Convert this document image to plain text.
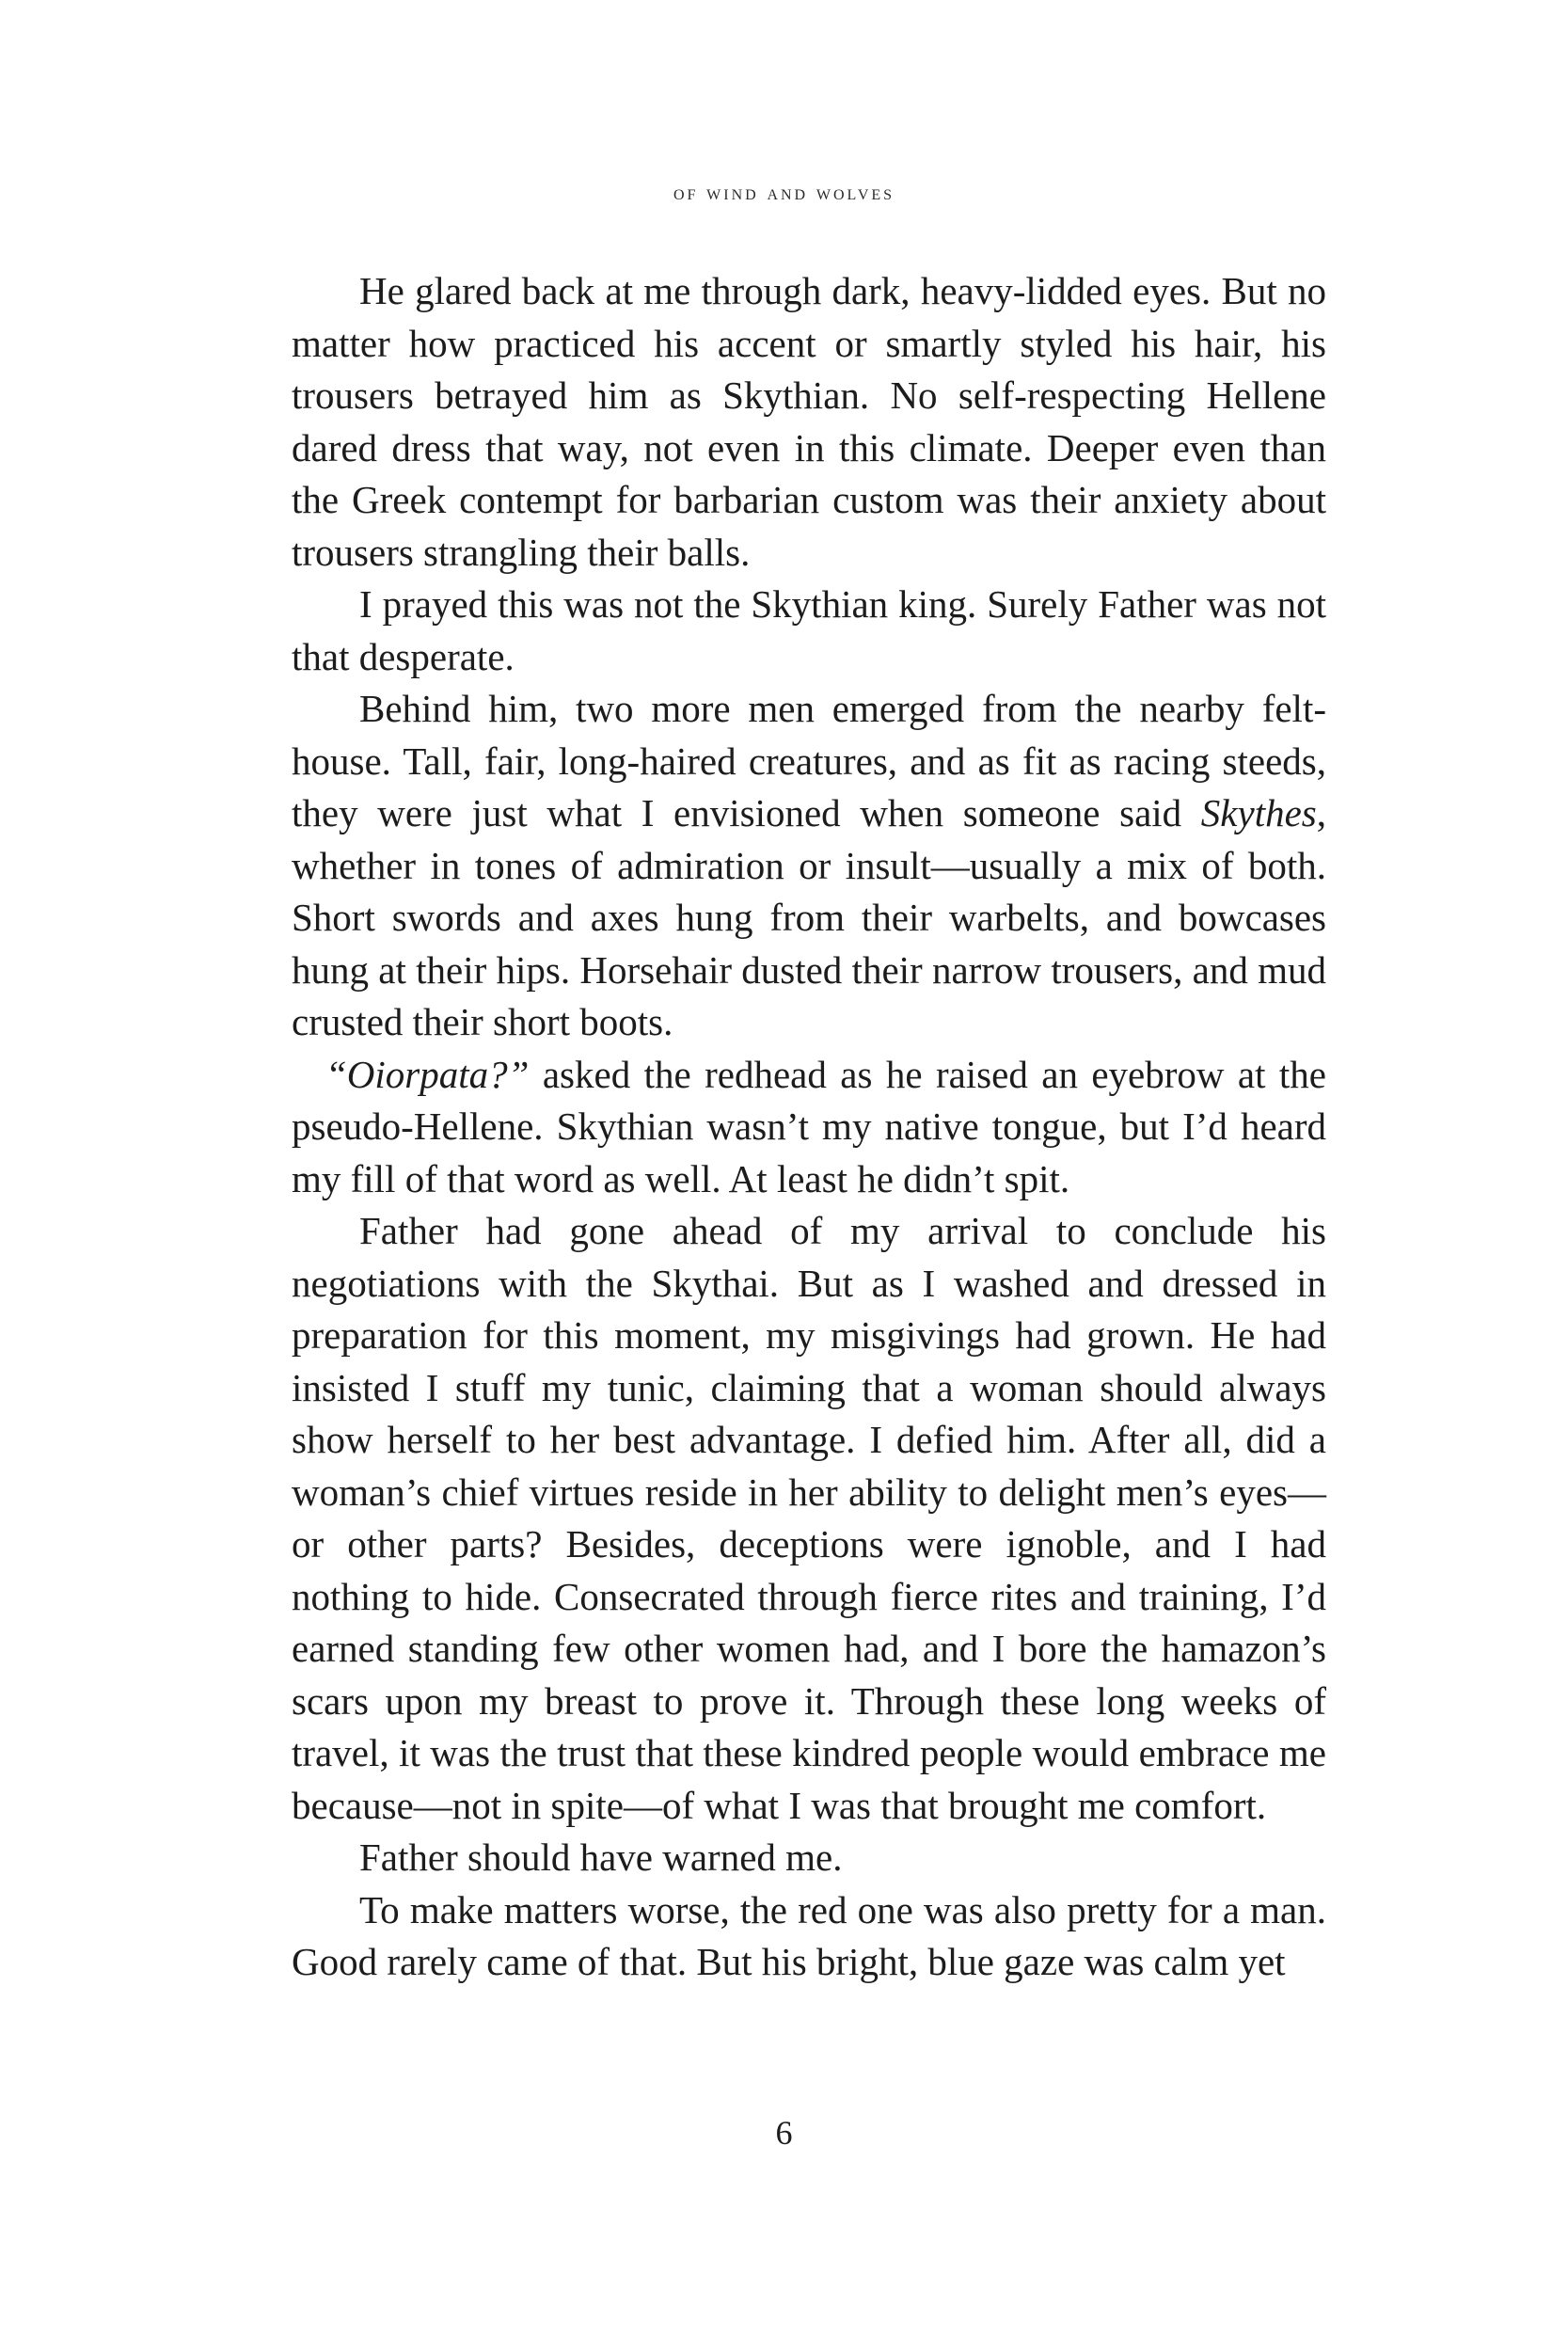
of wind and wolves

He glared back at me through dark, heavy-lidded eyes. But no matter how practiced his accent or smartly styled his hair, his trousers betrayed him as Skythian. No self-respecting Hellene dared dress that way, not even in this climate. Deeper even than the Greek contempt for barbarian custom was their anxiety about trousers strangling their balls.

I prayed this was not the Skythian king. Surely Father was not that desperate.

Behind him, two more men emerged from the nearby felt-house. Tall, fair, long-haired creatures, and as fit as racing steeds, they were just what I envisioned when someone said Skythes, whether in tones of admiration or insult—usually a mix of both. Short swords and axes hung from their warbelts, and bowcases hung at their hips. Horsehair dusted their narrow trousers, and mud crusted their short boots.

“Oiorpata?” asked the redhead as he raised an eyebrow at the pseudo-Hellene. Skythian wasn’t my native tongue, but I’d heard my fill of that word as well. At least he didn’t spit.

Father had gone ahead of my arrival to conclude his negotiations with the Skythai. But as I washed and dressed in preparation for this moment, my misgivings had grown. He had insisted I stuff my tunic, claiming that a woman should always show herself to her best advantage. I defied him. After all, did a woman’s chief virtues reside in her ability to delight men’s eyes—or other parts? Besides, deceptions were ignoble, and I had nothing to hide. Consecrated through fierce rites and training, I’d earned standing few other women had, and I bore the hamazon’s scars upon my breast to prove it. Through these long weeks of travel, it was the trust that these kindred people would embrace me because—not in spite—of what I was that brought me comfort.

Father should have warned me.

To make matters worse, the red one was also pretty for a man. Good rarely came of that. But his bright, blue gaze was calm yet

6
